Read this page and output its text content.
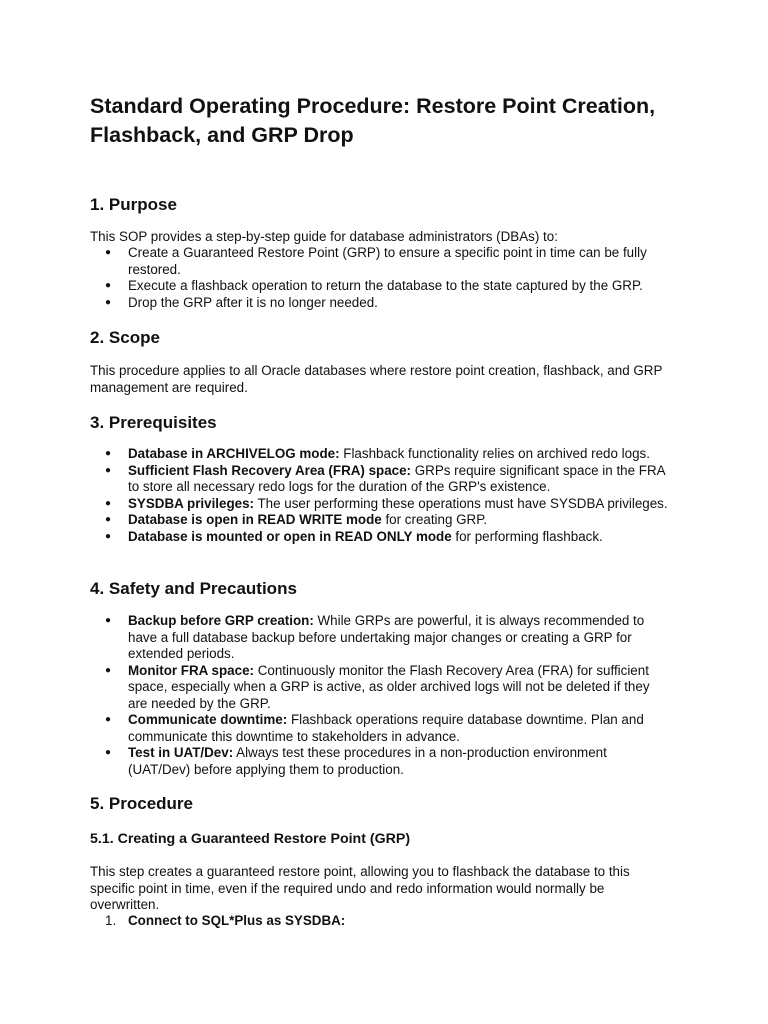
Standard Operating Procedure: Restore Point Creation, Flashback, and GRP Drop
1. Purpose

This SOP provides a step-by-step guide for database administrators (DBAs) to:

● Create a Guaranteed Restore Point (GRP) to ensure a specific point in time can be fully restored.
● Execute a flashback operation to return the database to the state captured by the GRP.
● Drop the GRP after it is no longer needed.
2. Scope

This procedure applies to all Oracle databases where restore point creation, flashback, and GRP management are required.

3. Prerequisites
● Database in ARCHIVELOG mode: Flashback functionality relies on archived redo logs.
● Sufficient Flash Recovery Area (FRA) space: GRPs require significant space in the FRA to store all necessary redo logs for the duration of the GRP's existence.
● SYSDBA privileges: The user performing these operations must have SYSDBA privileges.
● Database is open in READ WRITE mode for creating GRP.
● Database is mounted or open in READ ONLY mode for performing flashback.
4. Safety and Precautions
● Backup before GRP creation: While GRPs are powerful, it is always recommended to have a full database backup before undertaking major changes or creating a GRP for extended periods.
● Monitor FRA space: Continuously monitor the Flash Recovery Area (FRA) for sufficient space, especially when a GRP is active, as older archived logs will not be deleted if they are needed by the GRP.
● Communicate downtime: Flashback operations require database downtime. Plan and communicate this downtime to stakeholders in advance.
● Test in UAT/Dev: Always test these procedures in a non-production environment (UAT/Dev) before applying them to production.
5. Procedure
5.1. Creating a Guaranteed Restore Point (GRP)

This step creates a guaranteed restore point, allowing you to flashback the database to this specific point in time, even if the required undo and redo information would normally be overwritten.

1. Connect to SQL*Plus as SYSDBA:
